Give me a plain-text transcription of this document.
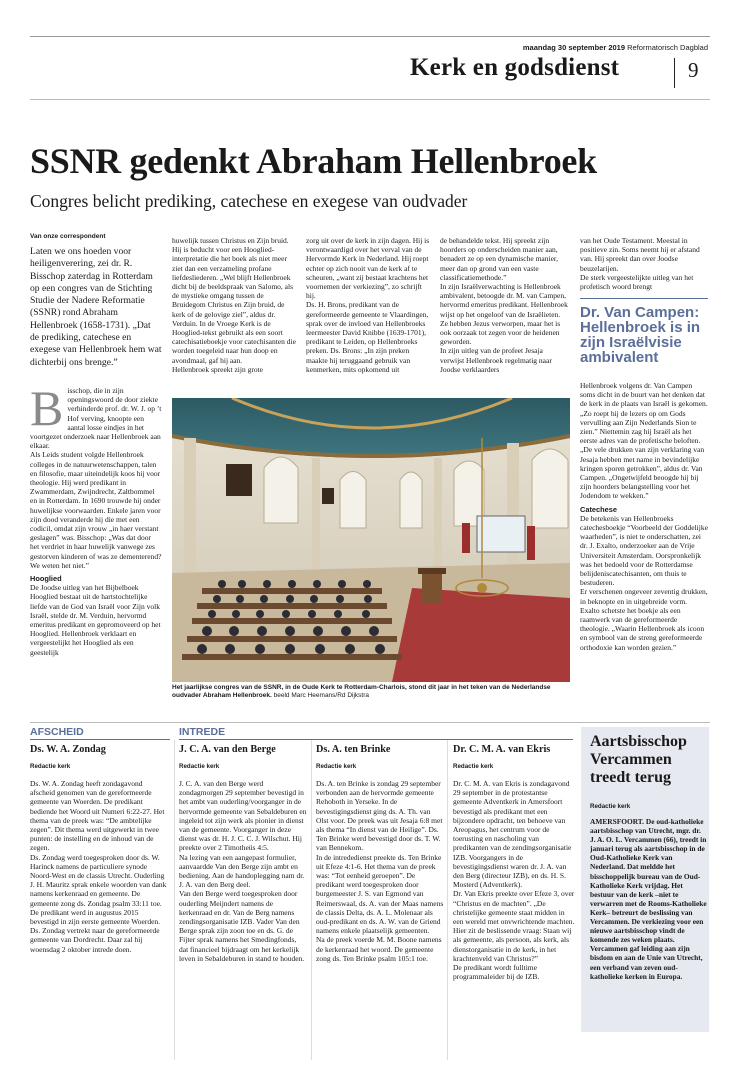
maandag 30 september 2019 Reformatorisch Dagblad
Kerk en godsdienst	9
SSNR gedenkt Abraham Hellenbroek
Congres belicht prediking, catechese en exegese van oudvader
Van onze correspondent
Laten we ons hoeden voor heiligenverering, zei dr. R. Bisschop zaterdag in Rotterdam op een congres van de Stichting Studie der Nadere Reformatie (SSNR) rond Abraham Hellenbroek (1658-1731). „Dat de prediking, catechese en exegese van Hellenbroek hem wat dichterbij ons brenge.”
B isschop, die in zijn openingswoord de door ziekte verhinderde prof. dr. W. J. op ’t Hof verving, knoopte een aantal losse eindjes in het voortgezet onderzoek naar Hellenbroek aan elkaar.

Als Leids student volgde Hellenbroek colleges in de natuurwetenschappen, talen en filosofie, maar uiteindelijk koos hij voor theologie. Hij werd predikant in Zwammerdam, Zwijndrecht, Zaltbommel en in Rotterdam. In 1690 trouwde hij onder huwelijkse voorwaarden. Enkele jaren voor zijn dood veranderde hij die met een codicil, omdat zijn vrouw „in haer verstant geslagen” was. Bisschop: „Was dat door het verdriet in haar huwelijk vanwege zes gestorven kinderen of was ze dementerend? We weten het niet.”

Hooglied

De Joodse uitleg van het Bijbelboek Hooglied bestaat uit de hartstochtelijke liefde van de God van Israël voor Zijn volk Israël, stelde dr. M. Verduin, hervormd emeritus predikant en gepromoveerd op het Hooglied. Hellenbroek verklaart en vergeestelijkt het Hooglied als een geestelijk

huwelijk tussen Christus en Zijn bruid. Hij is beducht voor een Hooglied-interpretatie die het boek als niet meer ziet dan een verzameling profane liefdesliederen. „Wel blijft Hellenbroek dicht bij de beeldspraak van Salomo, als de mystieke omgang tussen de Bruidegom Christus en Zijn bruid, de kerk of de gelovige ziel”, aldus dr. Verduin. In de Vroege Kerk is de Hooglied-tekst gebruikt als een soort catechisatieboekje voor catechisanten die worden toegeleid naar hun doop en avondmaal, gaf hij aan.

Hellenbroek spreekt zijn grote

zorg uit over de kerk in zijn dagen. Hij is verontwaardigd over het verval van de Hervormde Kerk in Nederland. Hij roept echter op zich nooit van de kerk af te scheuren, „want zij bestaat krachtens het voornemen der verkiezing”, zo schrijft hij.

Ds. H. Brons, predikant van de gereformeerde gemeente te Vlaardingen, sprak over de invloed van Hellenbroeks leermeester David Knibbe (1639-1701), predikant te Leiden, op Hellenbroeks preken. Ds. Brons: „In zijn preken maakte hij teruggaand gebruik van kenmerken, mits opkomend uit

de behandelde tekst. Hij spreekt zijn hoorders op onderscheiden manier aan, benadert ze op een dynamische manier, meer dan op grond van een vaste classificatiemethode.”

In zijn Israëlverwachting is Hellenbroek ambivalent, betoogde dr. M. van Campen, hervormd emeritus predikant. Hellenbroek wijst op het ongeloof van de Israëlieten. Ze hebben Jezus verworpen, maar het is ook oorzaak tot zegen voor de heidenen geworden.

In zijn uitleg van de profeet Jesaja verwijst Hellenbroek regelmatig naar Joodse verklaarders

van het Oude Testament. Meestal in positieve zin. Soms neemt hij er afstand van. Hij spreekt dan over Joodse beuzelarijen.

De sterk vergeestelijkte uitleg van het profetisch woord brengt

Dr. Van Campen: Hellenbroek is in zijn Israëlvisie ambivalent

Hellenbroek volgens dr. Van Campen soms dicht in de buurt van het denken dat de kerk in de plaats van Israël is gekomen. „Zo roept hij de lezers op om Gods vervulling aan Zijn Nederlands Sion te zien.” Niettemin zag hij Israël als het eerste adres van de profetische beloften. „De vele drukken van zijn verklaring van Jesaja hebben met name in bevindelijke kringen sporen getrokken”, aldus dr. Van Campen. „Ongetwijfeld beoogde hij bij zijn hoorders belangstelling voor het Jodendom te wekken.”

Catechese

De betekenis van Hellenbroeks catechesboekje “Voorbeeld der Goddelijke waarheden”, is niet te onderschatten, zei dr. J. Exalto, onderzoeker aan de Vrije Universiteit Amsterdam. Oorspronkelijk was het bedoeld voor de Rotterdamse belijdeniscatechisanten, om thuis te bestuderen.

Er verschenen ongeveer zeventig drukken, in beknopte en in uitgebreide vorm. Exalto schetste het boekje als een raamwerk van de gereformeerde theologie. „Waarin Hellenbroek als icoon en symbool van de streng gereformeerde orthodoxie kan worden gezien.”

Het jaarlijkse congres van de SSNR, in de Oude Kerk te Rotterdam-Charlois, stond dit jaar in het teken van de Nederlandse oudvader Abraham Hellenbroek. beeld Marc Heemans/Rd Dijkstra
AFSCHEID	INTREDE
Ds. W. A. Zondag
Redactie kerk

Ds. W. A. Zondag heeft zondagavond afscheid genomen van de gereformeerde gemeente van Woerden. De predikant bediende het Woord uit Numeri 6:22-27. Het thema van de preek was: “De ambtelijke zegen”. Dit thema werd uitgewerkt in twee punten: de instelling en de inhoud van de zegen.

Ds. Zondag werd toegesproken door ds. W. Harinck namens de particuliere synode Noord-West en de classis Utrecht. Ouderling J. H. Mauritz sprak enkele woorden van dank namens kerkenraad en gemeente. De gemeente zong ds. Zondag psalm 33:11 toe.

De predikant werd in augustus 2015 bevestigd in zijn eerste gemeente Woerden. Ds. Zondag vertrekt naar de gereformeerde gemeente van Dordrecht. Daar zal hij woensdag 2 oktober intrede doen.

J. C. A. van den Berge
Redactie kerk

J. C. A. van den Berge werd zondagmorgen 29 september bevestigd in het ambt van ouderling/voorganger in de hervormde gemeente van Sebaldeburen en ingeleid tot zijn werk als pionier in dienst van de gemeente. Voorganger in deze dienst was dr. H. J. C. C. J. Wilschut. Hij preekte over 2 Timotheüs 4:5.

Na lezing van een aangepast formulier, aanvaardde Van den Berge zijn ambt en bediening. Aan de handoplegging nam dr. J. A. van den Berg deel.

Van den Berge werd toegesproken door ouderling Meijndert namens de kerkenraad en dr. Van de Berg namens zendingsorganisatie IZB. Vader Van den Berge sprak zijn zoon toe en ds. G. de Fijter sprak namens het Smedingfonds, dat financieel bijdraagt om het kerkelijk leven in Sebaldeburen in stand te houden.

Ds. A. ten Brinke
Redactie kerk

Ds. A. ten Brinke is zondag 29 september verbonden aan de hervormde gemeente Rehoboth in Yerseke. In de bevestigingsdienst ging ds. A. Th. van Olst voor. De preek was uit Jesaja 6:8 met als thema “In dienst van de Heilige”. Ds. Ten Brinke werd bevestigd door ds. T. W. van Bennekom.

In de intrededienst preekte ds. Ten Brinke uit Efeze 4:1-6. Het thema van de preek was: “Tot eenheid geroepen”. De predikant werd toegesproken door burgemeester J. S. van Egmond van Reimerswaal, ds. A. van der Maas namens de classis Delta, ds. A. L. Molenaar als oud-predikant en ds. A. W. van de Griend namens enkele plaatselijk gemeenten.

Na de preek voerde M. M. Boone namens de kerkenraad het woord. De gemeente zong ds. Ten Brinke psalm 105:1 toe.

Dr. C. M. A. van Ekris
Redactie kerk

Dr. C. M. A. van Ekris is zondagavond 29 september in de protestantse gemeente Adventkerk in Amersfoort bevestigd als predikant met een bijzondere opdracht, ten behoeve van Areopagus, het centrum voor de toerusting en nascholing van predikanten van de zendingsorganisatie IZB. Voorgangers in de bevestigingsdienst waren dr. J. A. van den Berg (directeur IZB), en ds. H. S. Mosterd (Adventkerk).

Dr. Van Ekris preekte over Efeze 3, over “Christus en de machten”. „De christelijke gemeente staat midden in een wereld met onvwrichtende machten. Hier zit de beslissende vraag: Staan wij als gemeente, als persoon, als kerk, als dienstorganisatie in de kerk, in het krachtenveld van Christus?”

De predikant wordt fulltime programmaleider bij de IZB.

Aartsbisschop Vercammen treedt terug
Redactie kerk
AMERSFOORT. De oud-katholieke aartsbisschop van Utrecht, mgr. dr. J. A. O. L. Vercammen (66), treedt in januari terug als aartsbisschop in de Oud-Katholieke Kerk van Nederland. Dat meldde het bisschoppelijk bureau van de Oud-Katholieke Kerk vrijdag. Het bestuur van de kerk –niet te verwarren met de Rooms-Katholieke Kerk– betreurt de beslissing van Vercammen. De verkiezing voor een nieuwe aartsbisschop vindt de komende zes weken plaats. Vercammen gaf leiding aan zijn bisdom en aan de Unie van Utrecht, een verband van zeven oud-katholieke kerken in Europa.
